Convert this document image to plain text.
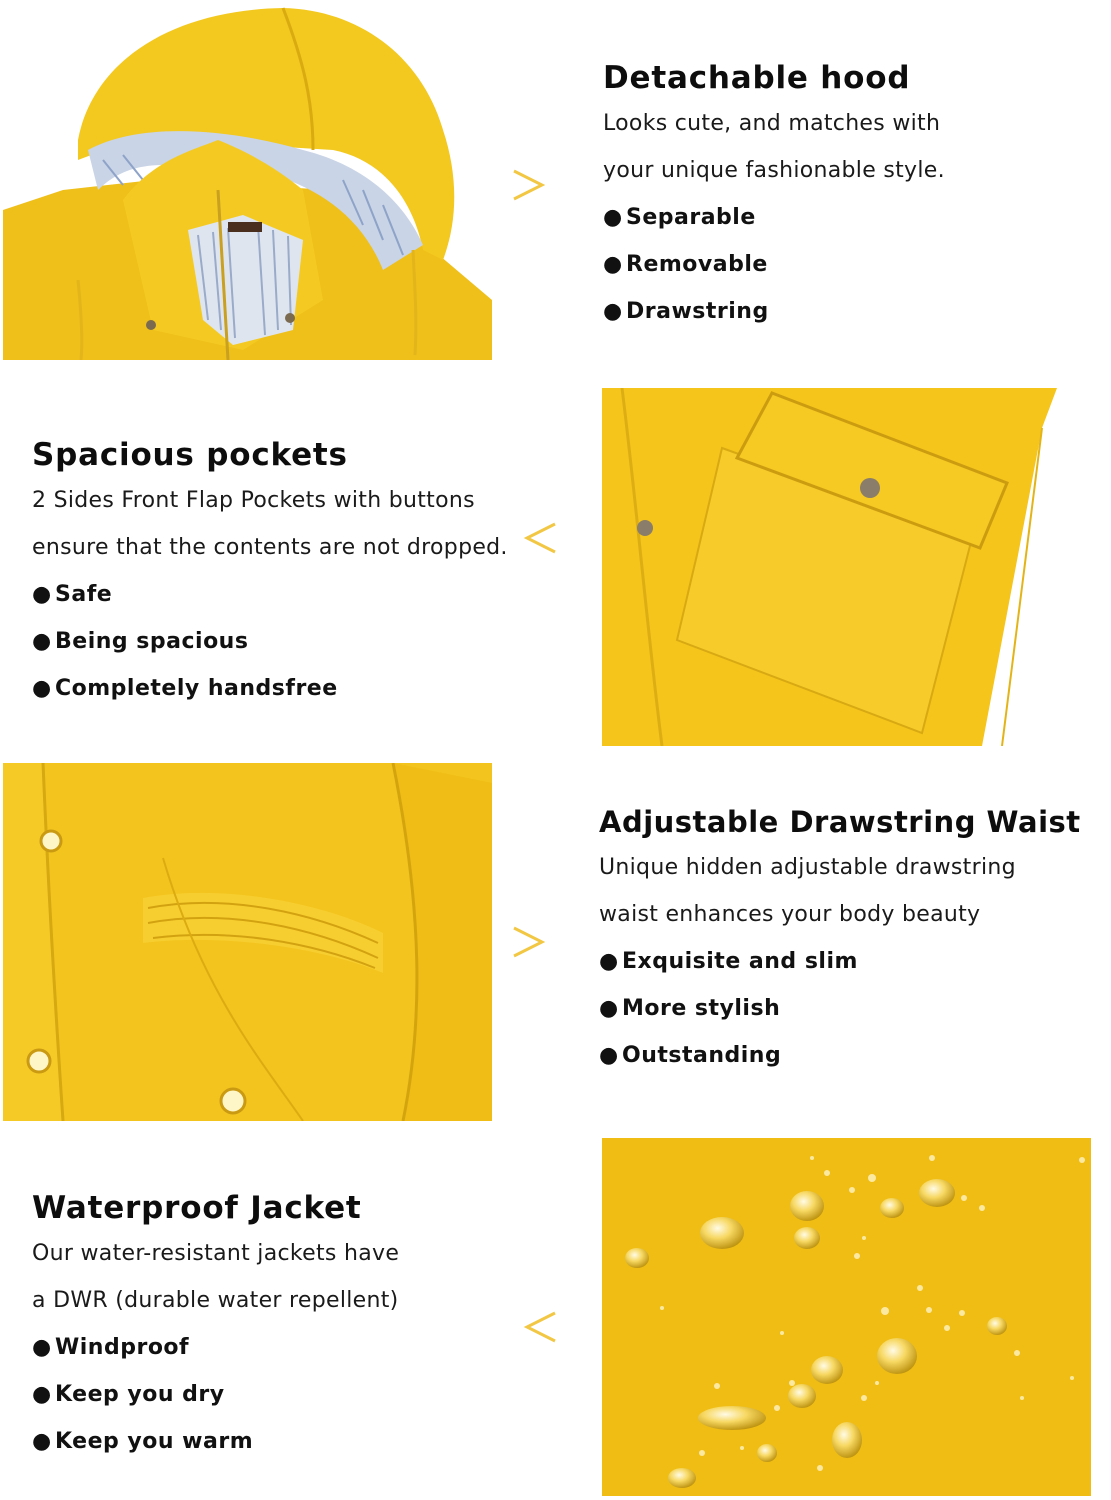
Detachable hood
Looks cute, and matches with
your unique fashionable style.
● Separable
● Removable
● Drawstring
Spacious pockets
2 Sides Front Flap Pockets with buttons
ensure that the contents are not dropped.
● Safe
● Being spacious
● Completely handsfree
Adjustable Drawstring Waist
Unique hidden adjustable drawstring
waist enhances your body beauty
● Exquisite and slim
● More stylish
● Outstanding
Waterproof Jacket
Our water-resistant jackets have
a DWR (durable water repellent)
● Windproof
● Keep you dry
● Keep you warm
